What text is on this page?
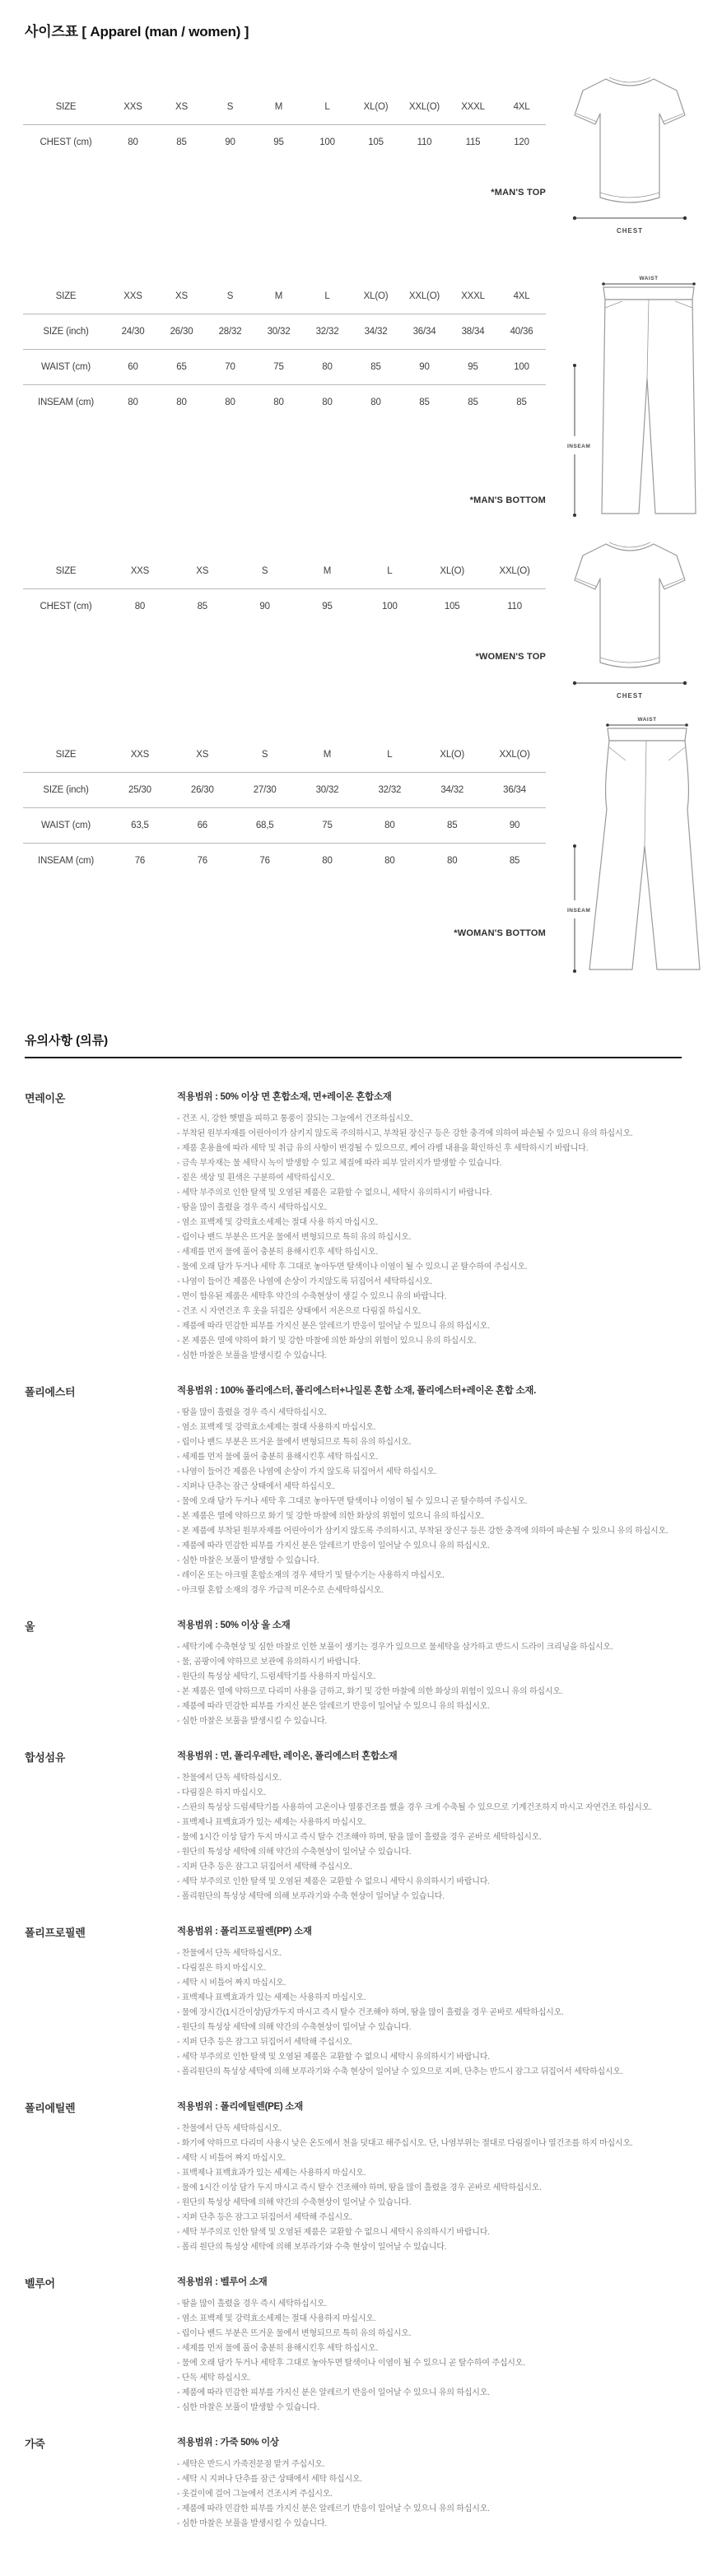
사이즈표 [ Apparel (man / women) ]
SIZE	XXS	XS	S	M	L	XL(O)	XXL(O)	XXXL	4XL
CHEST (cm)	80	85	90	95	100	105	110	115	120
*MAN'S TOP
SIZE	XXS	XS	S	M	L	XL(O)	XXL(O)	XXXL	4XL
SIZE (inch)	24/30	26/30	28/32	30/32	32/32	34/32	36/34	38/34	40/36
WAIST (cm)	60	65	70	75	80	85	90	95	100
INSEAM (cm)	80	80	80	80	80	80	85	85	85
*MAN'S BOTTOM
SIZE	XXS	XS	S	M	L	XL(O)	XXL(O)
CHEST (cm)	80	85	90	95	100	105	110
*WOMEN'S TOP
SIZE	XXS	XS	S	M	L	XL(O)	XXL(O)
SIZE (inch)	25/30	26/30	27/30	30/32	32/32	34/32	36/34
WAIST (cm)	63,5	66	68,5	75	80	85	90
INSEAM (cm)	76	76	76	80	80	80	85
*WOMAN'S BOTTOM
CHEST
WAIST
INSEAM
CHEST
WAIST
INSEAM
유의사항 (의류)
면레이온	적용범위 : 50% 이상 면 혼합소재, 면+레이온 혼합소재
- 건조 시, 강한 햇볕을 피하고 통풍이 잘되는 그늘에서 건조하십시오.
- 부착된 원부자재를 어린아이가 삼키지 않도록 주의하시고, 부착된 장신구 등은 강한 충격에 의하여 파손될 수 있으니 유의 하십시오.
- 제품 혼용율에 따라 세탁 및 취급 유의 사항이 변경될 수 있으므로, 케어 라벨 내용을 확인하신 후 세탁하시기 바랍니다.
- 금속 부자재는 물 세탁시 녹이 발생할 수 있고 체질에 따라 피부 알러지가 발생할 수 있습니다.
- 짙은 색상 및 흰색은 구분하여 세탁하십시오.
- 세탁 부주의로 인한 탈색 및 오염된 제품은 교환할 수 없으니, 세탁시 유의하시기 바랍니다.
- 땀을 많이 흘렸을 경우 즉시 세탁하십시오.
- 염소 표백제 및 강력효소세제는 절대 사용 하지 마십시오.
- 립이나 밴드 부분은 뜨거운 물에서 변형되므로 특히 유의 하십시오.
- 세제를 먼저 물에 풀어 충분히 용해시킨후 세탁 하십시오.
- 물에 오래 담가 두거나 세탁 후 그대로 놓아두면 탈색이나 이염이 될 수 있으니 곧 탈수하여 주십시오.
- 나염이 들어간 제품은 나염에 손상이 가지않도록 뒤집어서 세탁하십시오.
- 면이 함유된 제품은 세탁후 약간의 수축현상이 생길 수 있으니 유의 바랍니다.
- 건조 시 자연건조 후 옷을 뒤집은 상태에서 저온으로 다림질 하십시오.
- 제품에 따라 민감한 피부를 가지신 분은 알레르기 반응이 일어날 수 있으니 유의 하십시오.
- 본 제품은 열에 약하여 화기 및 강한 마찰에 의한 화상의 위험이 있으니 유의 하십시오.
- 심한 마찰은 보풀을 발생시킬 수 있습니다.
폴리에스터	적용범위 : 100% 폴리에스터, 폴리에스터+나일론 혼합 소재, 폴리에스터+레이온 혼합 소재.
- 땀을 많이 흘렸을 경우 즉시 세탁하십시오.
- 염소 표백제 및 강력효소세제는 절대 사용하지 마십시오.
- 립이나 밴드 부분은 뜨거운 물에서 변형되므로 특히 유의 하십시오.
- 세제를 먼저 물에 풀어 충분히 용해시킨후 세탁 하십시오.
- 나염이 들어간 제품은 나염에 손상이 가지 않도록 뒤집어서 세탁 하십시오.
- 지퍼나 단추는 잠근 상태에서 세탁 하십시오.
- 물에 오래 담가 두거나 세탁 후 그대로 놓아두면 탈색이나 이염이 될 수 있으니 곧 탈수하여 주십시오.
- 본 제품은 열에 약하므로 화기 및 강한 마찰에 의한 화상의 위험이 있으니 유의 하십시오.
- 본 제품에 부착된 원부자재를 어린아이가 삼키지 않도록 주의하시고, 부착된 장신구 등은 강한 충격에 의하여 파손될 수 있으니 유의 하십시오.
- 제품에 따라 민감한 피부를 가지신 분은 알레르기 반응이 일어날 수 있으니 유의 하십시오.
- 심한 마찰은 보풀이 발생할 수 있습니다.
- 레이온 또는 아크릴 혼합소재의 경우 세탁기 및 탈수기는 사용하지 마십시오.
- 아크릴 혼합 소재의 경우 가급적 미온수로 손세탁하십시오.
울	적용범위 : 50% 이상 울 소재
- 세탁기에 수축현상 및 심한 마찰로 인한 보풀이 생기는 경우가 있으므로 물세탁을 삼가하고 반드시 드라이 크리닝을 하십시오.
- 물, 곰팡이에 약하므로 보관에 유의하시기 바랍니다.
- 원단의 특성상 세탁기, 드럼세탁기를 사용하지 마십시오.
- 본 제품은 열에 약하므로 다리미 사용을 금하고, 화기 및 강한 마찰에 의한 화상의 위험이 있으니 유의 하십시오.
- 제품에 따라 민감한 피부를 가지신 분은 알레르기 반응이 일어날 수 있으니 유의 하십시오.
- 심한 마찰은 보풀을 발생시킬 수 있습니다.
합성섬유	적용범위 : 면, 폴리우레탄, 레이온, 폴리에스터 혼합소재
- 찬물에서 단독 세탁하십시오.
- 다림질은 하지 마십시오.
- 스판의 특성상 드럼세탁기를 사용하여 고온이나 열풍건조를 했을 경우 크게 수축될 수 있으므로 기계건조하지 마시고 자연건조 하십시오.
- 표백제나 표백효과가 있는 세제는 사용하지 마십시오.
- 물에 1시간 이상 담가 두지 마시고 즉시 탈수 건조해야 하며, 땀을 많이 흘렸을 경우 곧바로 세탁하십시오.
- 원단의 특성상 세탁에 의해 약간의 수축현상이 일어날 수 있습니다.
- 지퍼 단추 등은 잠그고 뒤집어서 세탁해 주십시오.
- 세탁 부주의로 인한 탈색 및 오염된 제품은 교환할 수 없으니 세탁시 유의하시기 바랍니다.
- 폴리원단의 특성상 세탁에 의해 보푸라기와 수축 현상이 일어날 수 있습니다.
폴리프로필렌	적용범위 : 폴리프로필렌(PP) 소재
- 찬물에서 단독 세탁하십시오.
- 다림질은 하지 마십시오.
- 세탁 시 비틀어 짜지 마십시오.
- 표백제나 표백효과가 있는 세제는 사용하지 마십시오.
- 물에 장시간(1시간이상)담가두지 마시고 즉시 탈수 건조해야 하며, 땀을 많이 흘렸을 경우 곧바로 세탁하십시오.
- 원단의 특성상 세탁에 의해 약간의 수축현상이 일어날 수 있습니다.
- 지퍼 단추 등은 잠그고 뒤집어서 세탁해 주십시오.
- 세탁 부주의로 인한 탈색 및 오염된 제품은 교환할 수 없으니 세탁시 유의하시기 바랍니다.
- 폴리원단의 특성상 세탁에 의해 보푸라기와 수축 현상이 일어날 수 있으므로 지퍼, 단추는 반드시 잠그고 뒤집어서 세탁하십시오.
폴리에틸렌	적용범위 : 폴리에틸렌(PE) 소재
- 찬물에서 단독 세탁하십시오.
- 화기에 약하므로 다리미 사용시 낮은 온도에서 천을 덧대고 해주십시오. 단, 나염부위는 절대로 다림질이나 열건조를 하지 마십시오.
- 세탁 시 비틀어 짜지 마십시오.
- 표백제나 표백효과가 있는 세제는 사용하지 마십시오.
- 물에 1시간 이상 담가 두지 마시고 즉시 탈수 건조해야 하며, 땀을 많이 흘렸을 경우 곧바로 세탁하십시오.
- 원단의 특성상 세탁에 의해 약간의 수축현상이 일어날 수 있습니다.
- 지퍼 단추 등은 잠그고 뒤집어서 세탁해 주십시오.
- 세탁 부주의로 인한 탈색 및 오염된 제품은 교환할 수 없으니 세탁시 유의하시기 바랍니다.
- 폴리 원단의 특성상 세탁에 의해 보푸라기와 수축 현상이 일어날 수 있습니다.
벨루어	적용범위 : 벨루어 소재
- 땀을 많이 흘렸을 경우 즉시 세탁하십시오.
- 염소 표백제 및 강력효소세제는 절대 사용하지 마십시오.
- 립이나 밴드 부분은 뜨거운 물에서 변형되므로 특히 유의 하십시오.
- 세제를 먼저 물에 풀어 충분히 용해시킨후 세탁 하십시오.
- 물에 오래 담가 두거나 세탁후 그대로 놓아두면 탈색이나 이염이 될 수 있으니 곧 탈수하여 주십시오.
- 단독 세탁 하십시오.
- 제품에 따라 민감한 피부를 가지신 분은 알레르기 반응이 일어날 수 있으니 유의 하십시오.
- 심한 마찰은 보풀이 발생할 수 있습니다.
가죽	적용범위 : 가죽 50% 이상
- 세탁은 반드시 가죽전문점 맡겨 주십시오.
- 세탁 시 지퍼나 단추를 잠근 상태에서 세탁 하십시오.
- 옷걸이에 걸어 그늘에서 건조시켜 주십시오.
- 제품에 따라 민감한 피부를 가지신 분은 알레르기 반응이 일어날 수 있으니 유의 하십시오.
- 심한 마찰은 보풀을 발생시킬 수 있습니다.
